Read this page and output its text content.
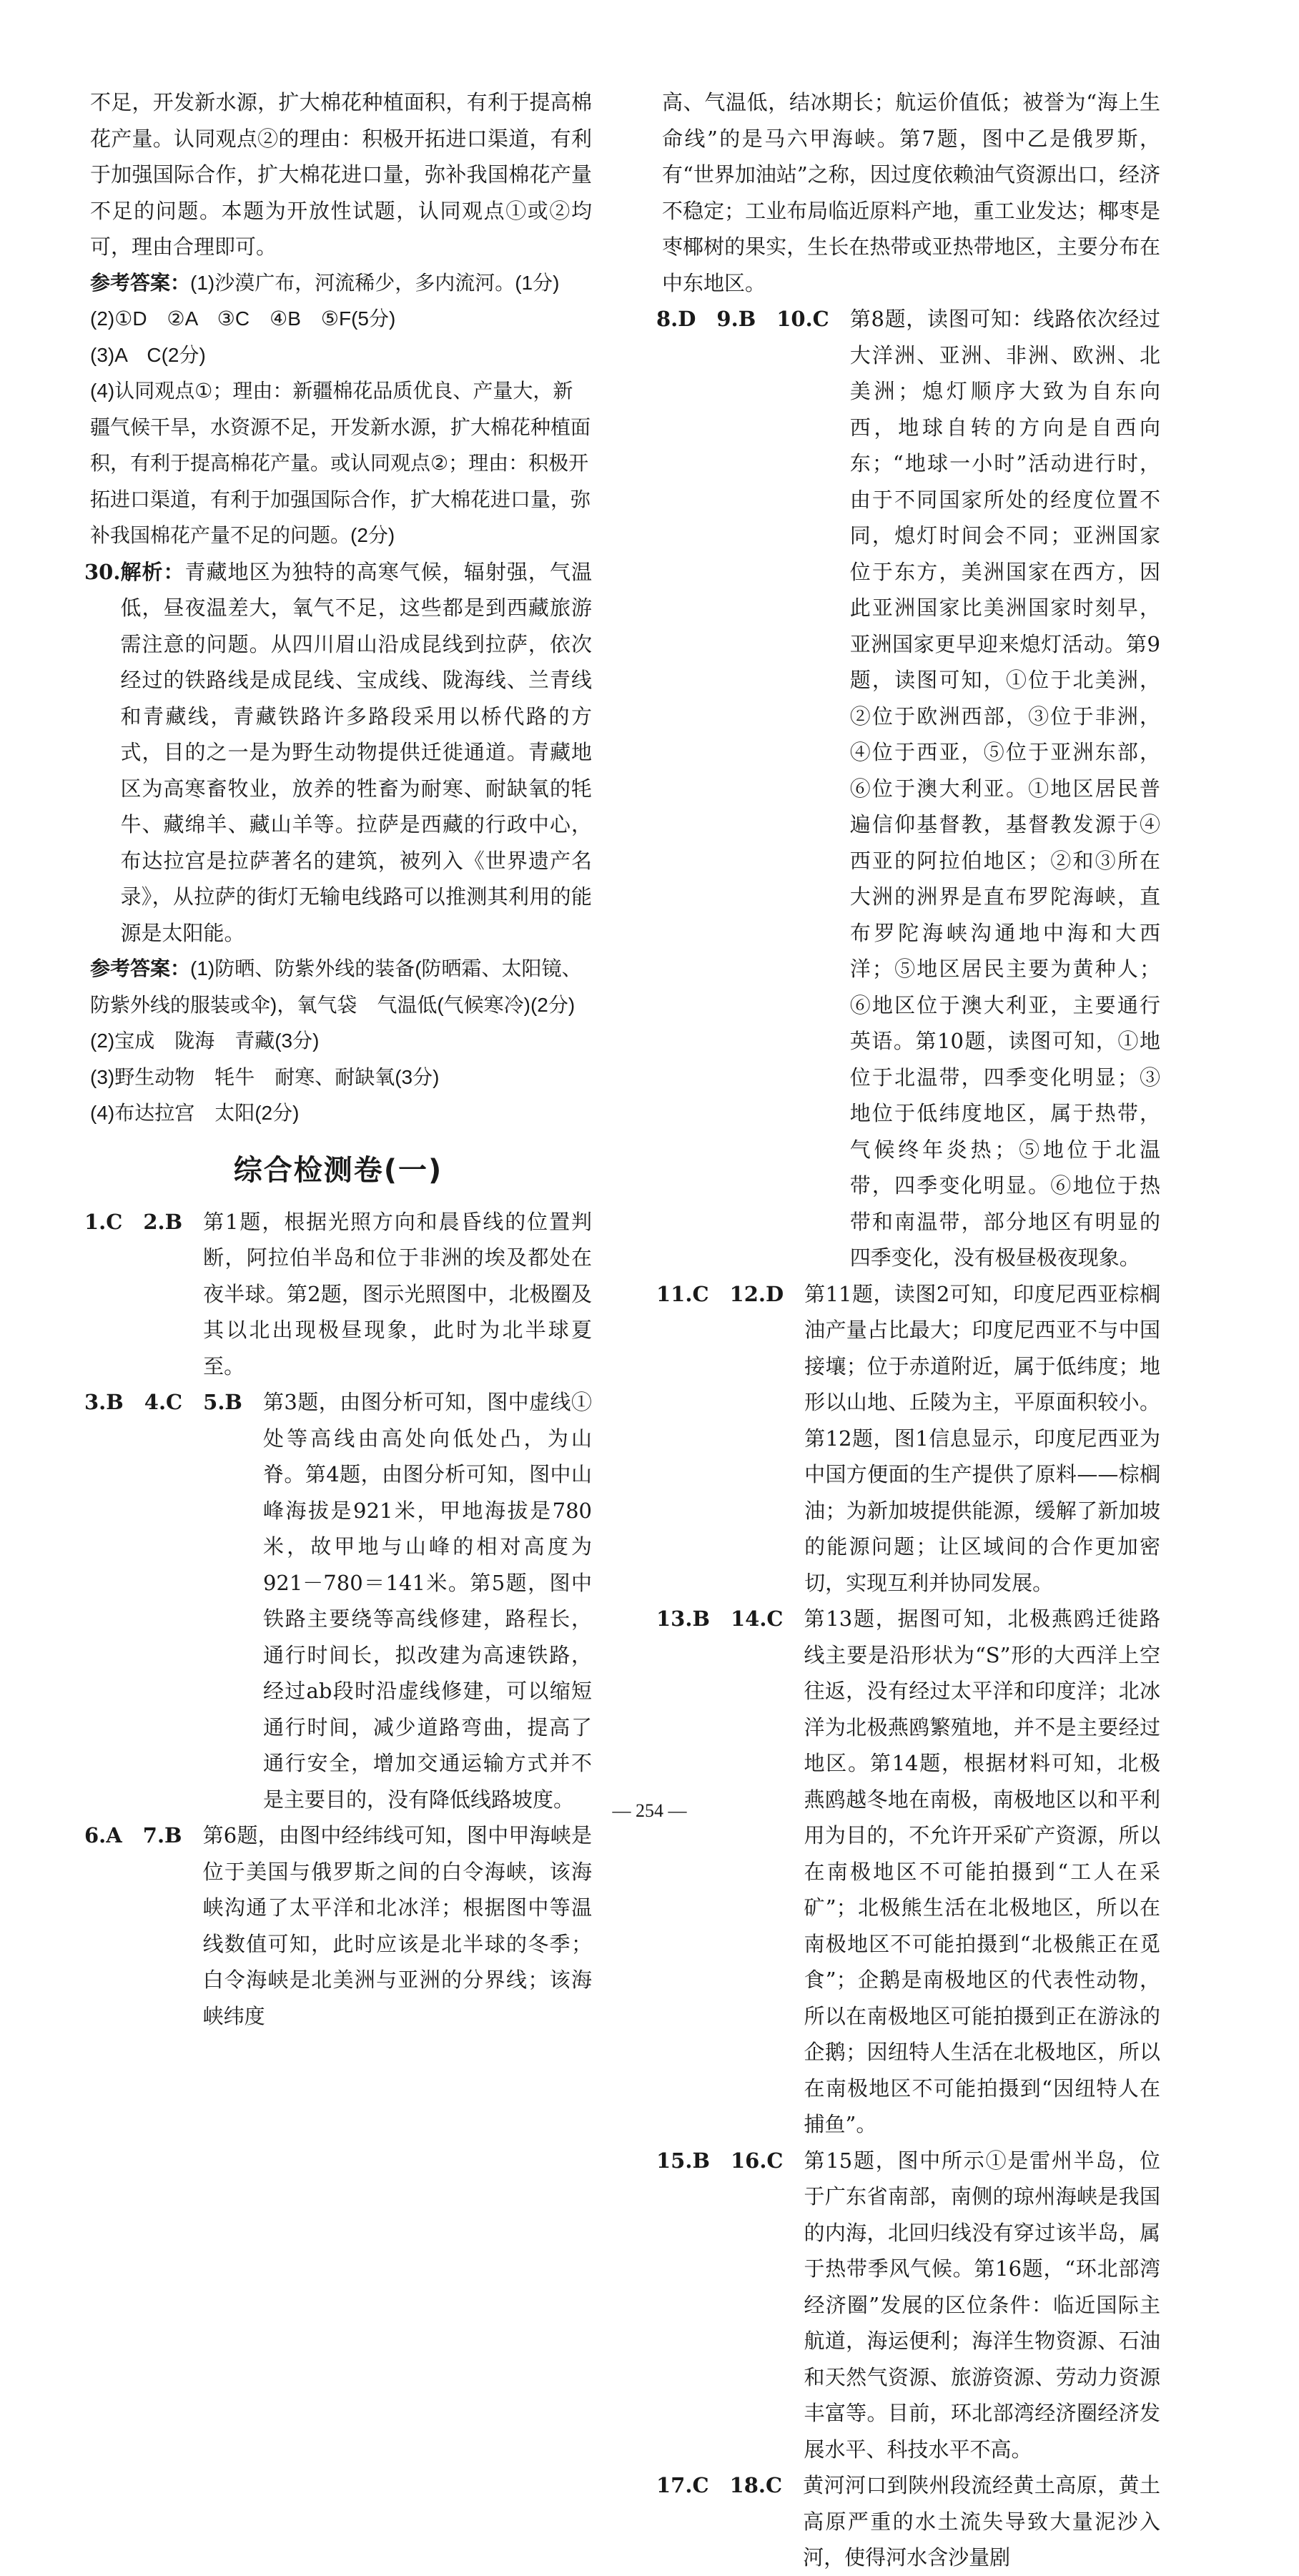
不足，开发新水源，扩大棉花种植面积，有利于提高棉花产量。认同观点②的理由：积极开拓进口渠道，有利于加强国际合作，扩大棉花进口量，弥补我国棉花产量不足的问题。本题为开放性试题，认同观点①或②均可，理由合理即可。

参考答案：(1)沙漠广布，河流稀少，多内流河。(1分)

(2)①D　②A　③C　④B　⑤F(5分)

(3)A　C(2分)

(4)认同观点①；理由：新疆棉花品质优良、产量大，新疆气候干旱，水资源不足，开发新水源，扩大棉花种植面积，有利于提高棉花产量。或认同观点②；理由：积极开拓进口渠道，有利于加强国际合作，扩大棉花进口量，弥补我国棉花产量不足的问题。(2分)

30. 解析：青藏地区为独特的高寒气候，辐射强，气温低，昼夜温差大，氧气不足，这些都是到西藏旅游需注意的问题。从四川眉山沿成昆线到拉萨，依次经过的铁路线是成昆线、宝成线、陇海线、兰青线和青藏线，青藏铁路许多路段采用以桥代路的方式，目的之一是为野生动物提供迁徙通道。青藏地区为高寒畜牧业，放养的牲畜为耐寒、耐缺氧的牦牛、藏绵羊、藏山羊等。拉萨是西藏的行政中心，布达拉宫是拉萨著名的建筑，被列入《世界遗产名录》，从拉萨的街灯无输电线路可以推测其利用的能源是太阳能。

参考答案：(1)防晒、防紫外线的装备(防晒霜、太阳镜、防紫外线的服装或伞)，氧气袋　气温低(气候寒冷)(2分)

(2)宝成　陇海　青藏(3分)

(3)野生动物　牦牛　耐寒、耐缺氧(3分)

(4)布达拉宫　太阳(2分)

综合检测卷(一)
1.C　2.B　 第1题，根据光照方向和晨昏线的位置判断，阿拉伯半岛和位于非洲的埃及都处在夜半球。第2题，图示光照图中，北极圈及其以北出现极昼现象，此时为北半球夏至。

3.B　4.C　5.B　 第3题，由图分析可知，图中虚线①处等高线由高处向低处凸，为山脊。第4题，由图分析可知，图中山峰海拔是921米，甲地海拔是780米，故甲地与山峰的相对高度为921－780＝141米。第5题，图中铁路主要绕等高线修建，路程长，通行时间长，拟改建为高速铁路，经过ab段时沿虚线修建，可以缩短通行时间，减少道路弯曲，提高了通行安全，增加交通运输方式并不是主要目的，没有降低线路坡度。

6.A　7.B　 第6题，由图中经纬线可知，图中甲海峡是位于美国与俄罗斯之间的白令海峡，该海峡沟通了太平洋和北冰洋；根据图中等温线数值可知，此时应该是北半球的冬季；白令海峡是北美洲与亚洲的分界线；该海峡纬度

高、气温低，结冰期长；航运价值低；被誉为“海上生命线”的是马六甲海峡。第7题，图中乙是俄罗斯，有“世界加油站”之称，因过度依赖油气资源出口，经济不稳定；工业布局临近原料产地，重工业发达；椰枣是枣椰树的果实，生长在热带或亚热带地区，主要分布在中东地区。

8.D　9.B　10.C　 第8题，读图可知：线路依次经过大洋洲、亚洲、非洲、欧洲、北美洲；熄灯顺序大致为自东向西，地球自转的方向是自西向东；“地球一小时”活动进行时，由于不同国家所处的经度位置不同，熄灯时间会不同；亚洲国家位于东方，美洲国家在西方，因此亚洲国家比美洲国家时刻早，亚洲国家更早迎来熄灯活动。第9题，读图可知，①位于北美洲，②位于欧洲西部，③位于非洲，④位于西亚，⑤位于亚洲东部，⑥位于澳大利亚。①地区居民普遍信仰基督教，基督教发源于④西亚的阿拉伯地区；②和③所在大洲的洲界是直布罗陀海峡，直布罗陀海峡沟通地中海和大西洋；⑤地区居民主要为黄种人；⑥地区位于澳大利亚，主要通行英语。第10题，读图可知，①地位于北温带，四季变化明显；③地位于低纬度地区，属于热带，气候终年炎热；⑤地位于北温带，四季变化明显。⑥地位于热带和南温带，部分地区有明显的四季变化，没有极昼极夜现象。

11.C　12.D　 第11题，读图2可知，印度尼西亚棕榈油产量占比最大；印度尼西亚不与中国接壤；位于赤道附近，属于低纬度；地形以山地、丘陵为主，平原面积较小。第12题，图1信息显示，印度尼西亚为中国方便面的生产提供了原料——棕榈油；为新加坡提供能源，缓解了新加坡的能源问题；让区域间的合作更加密切，实现互利并协同发展。

13.B　14.C　 第13题，据图可知，北极燕鸥迁徙路线主要是沿形状为“S”形的大西洋上空往返，没有经过太平洋和印度洋；北冰洋为北极燕鸥繁殖地，并不是主要经过地区。第14题，根据材料可知，北极燕鸥越冬地在南极，南极地区以和平利用为目的，不允许开采矿产资源，所以在南极地区不可能拍摄到“工人在采矿”；北极熊生活在北极地区，所以在南极地区不可能拍摄到“北极熊正在觅食”；企鹅是南极地区的代表性动物，所以在南极地区可能拍摄到正在游泳的企鹅；因纽特人生活在北极地区，所以在南极地区不可能拍摄到“因纽特人在捕鱼”。

15.B　16.C　 第15题，图中所示①是雷州半岛，位于广东省南部，南侧的琼州海峡是我国的内海，北回归线没有穿过该半岛，属于热带季风气候。第16题，“环北部湾经济圈”发展的区位条件：临近国际主航道，海运便利；海洋生物资源、石油和天然气资源、旅游资源、劳动力资源丰富等。目前，环北部湾经济圈经济发展水平、科技水平不高。

17.C　18.C　 黄河河口到陕州段流经黄土高原，黄土高原严重的水土流失导致大量泥沙入河，使得河水含沙量剧

— 254 —
